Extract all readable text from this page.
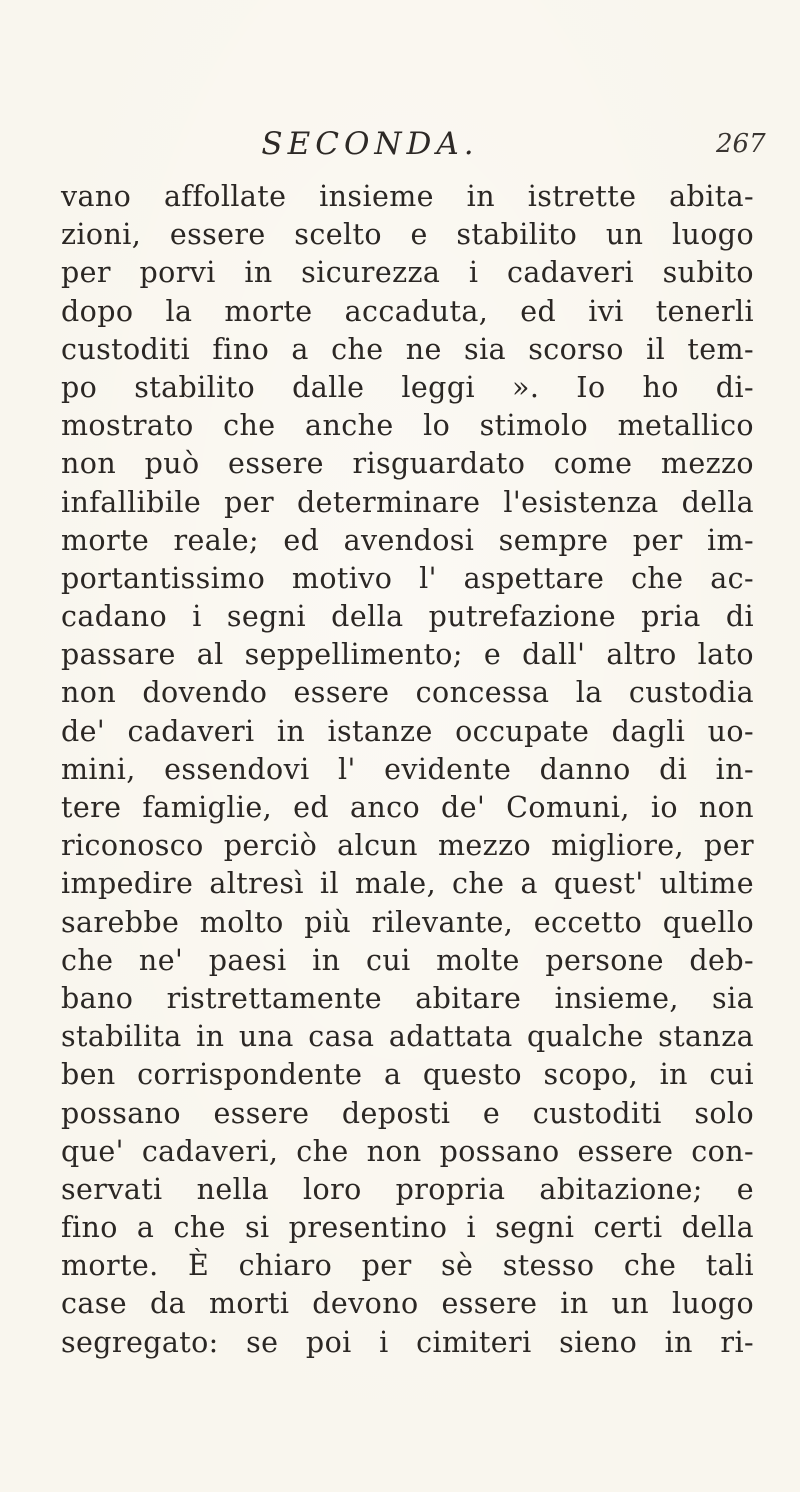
SECONDA.	267
vano affollate insieme in istrette abita-
zioni, essere scelto e stabilito un luogo
per porvi in sicurezza i cadaveri subito
dopo la morte accaduta, ed ivi tenerli
custoditi fino a che ne sia scorso il tem-
po stabilito dalle leggi ». Io ho di-
mostrato che anche lo stimolo metallico
non può essere risguardato come mezzo
infallibile per determinare l'esistenza della
morte reale; ed avendosi sempre per im-
portantissimo motivo l' aspettare che ac-
cadano i segni della putrefazione pria di
passare al seppellimento; e dall' altro lato
non dovendo essere concessa la custodia
de' cadaveri in istanze occupate dagli uo-
mini, essendovi l' evidente danno di in-
tere famiglie, ed anco de' Comuni, io non
riconosco perciò alcun mezzo migliore, per
impedire altresì il male, che a quest' ultime
sarebbe molto più rilevante, eccetto quello
che ne' paesi in cui molte persone deb-
bano ristrettamente abitare insieme, sia
stabilita in una casa adattata qualche stanza
ben corrispondente a questo scopo, in cui
possano essere deposti e custoditi solo
que' cadaveri, che non possano essere con-
servati nella loro propria abitazione; e
fino a che si presentino i segni certi della
morte. È chiaro per sè stesso che tali
case da morti devono essere in un luogo
segregato: se poi i cimiteri sieno in ri-
